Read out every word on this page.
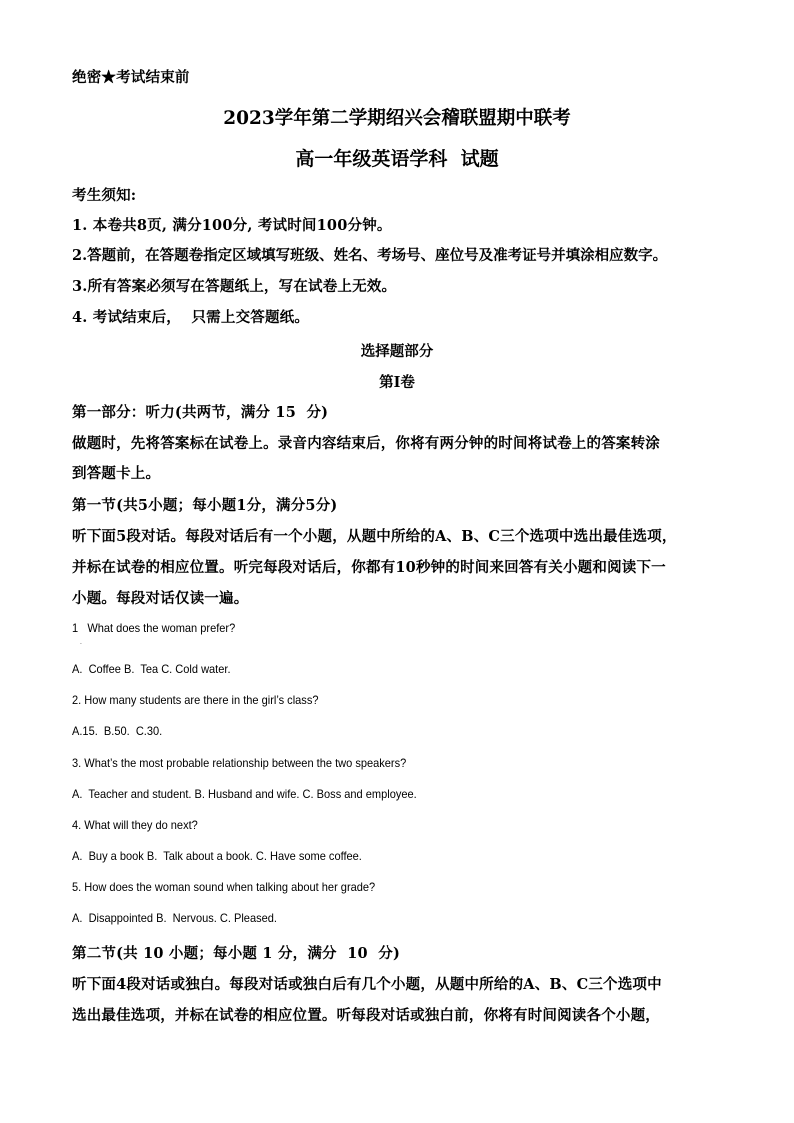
绝密★考试结束前
2023学年第二学期绍兴会稽联盟期中联考
高一年级英语学科  试题
考生须知:
1. 本卷共8页, 满分100分, 考试时间100分钟。
2.答题前，在答题卷指定区域填写班级、姓名、考场号、座位号及准考证号并填涂相应数字。
3.所有答案必须写在答题纸上，写在试卷上无效。
4. 考试结束后，  只需上交答题纸。
选择题部分
第Ⅰ卷
第一部分：听力(共两节，满分 15  分)
做题时，先将答案标在试卷上。录音内容结束后，你将有两分钟的时间将试卷上的答案转涂
到答题卡上。
第一节(共5小题；每小题1分，满分5分)
听下面5段对话。每段对话后有一个小题，从题中所给的A、B、C三个选项中选出最佳选项，
并标在试卷的相应位置。听完每段对话后，你都有10秒钟的时间来回答有关小题和阅读下一
小题。每段对话仅读一遍。
1   What does the woman prefer?
·
A.  Coffee B.  Tea C. Cold water.
2. How many students are there in the girl’s class?
A.15.  B.50.  C.30.
3. What’s the most probable relationship between the two speakers?
A.  Teacher and student. B. Husband and wife. C. Boss and employee.
4. What will they do next?
A.  Buy a book B.  Talk about a book. C. Have some coffee.
5. How does the woman sound when talking about her grade?
A.  Disappointed B.  Nervous. C. Pleased.
第二节(共 10 小题；每小题 1 分，满分  10  分)
听下面4段对话或独白。每段对话或独白后有几个小题，从题中所给的A、B、C三个选项中
选出最佳选项，并标在试卷的相应位置。听每段对话或独白前，你将有时间阅读各个小题，
